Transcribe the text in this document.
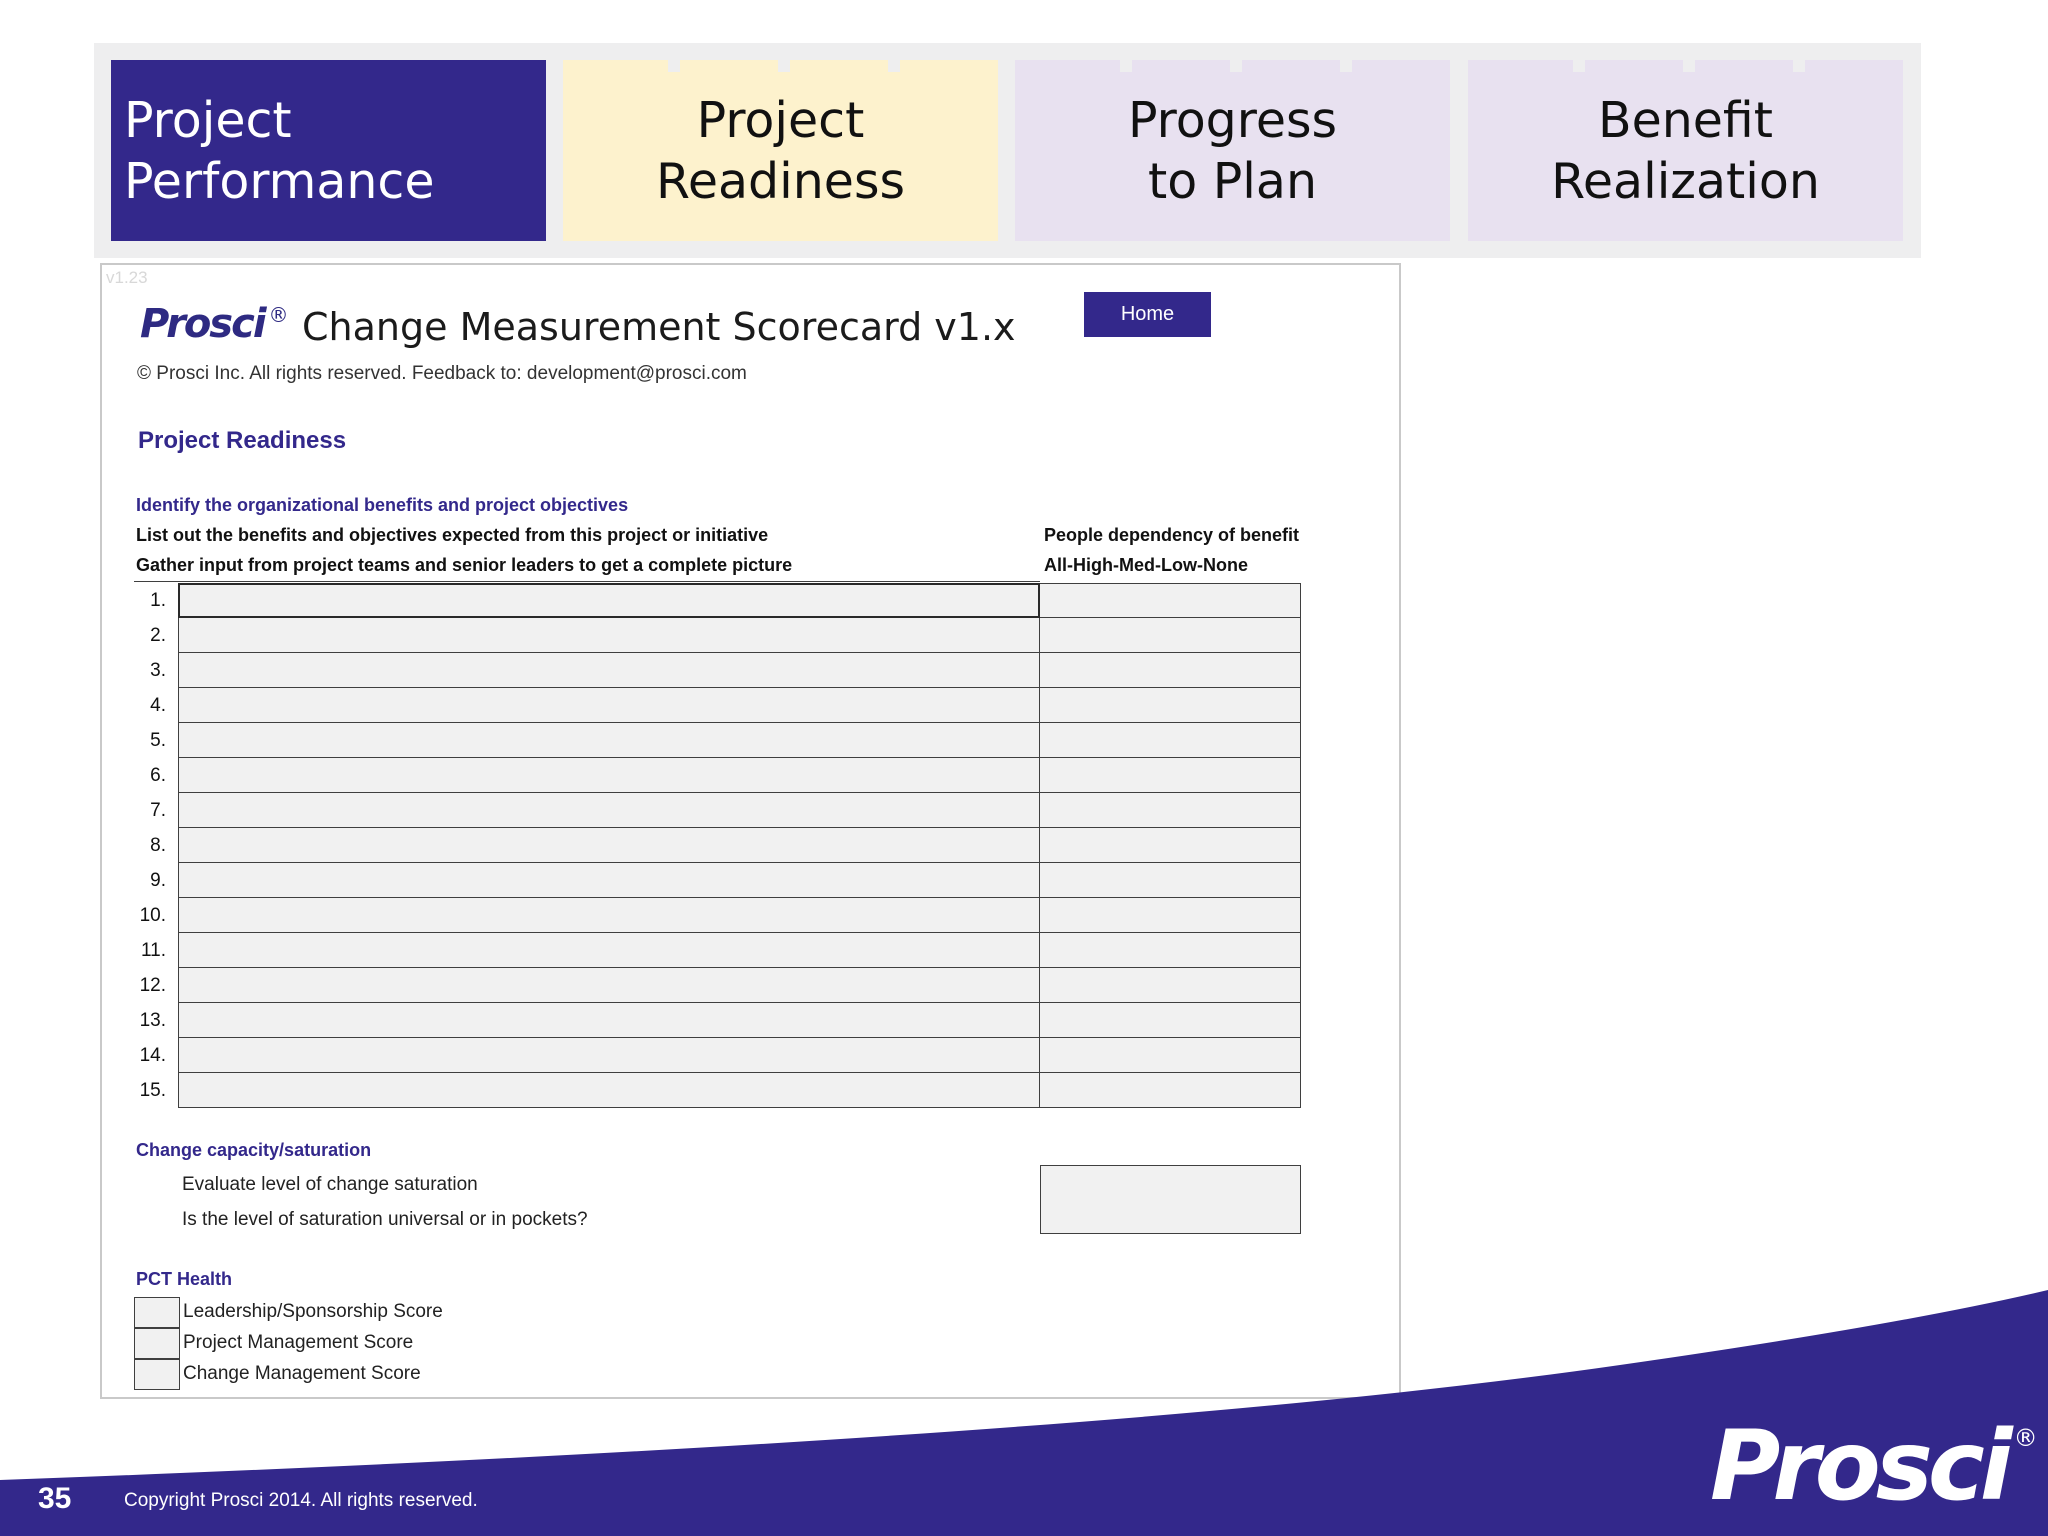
Project
Performance
Project
Readiness
Progress
to Plan
Benefit
Realization
v1.23
Prosci ® Change Measurement Scorecard v1.x	Home
© Prosci Inc. All rights reserved. Feedback to: development@prosci.com
Project Readiness
Identify the organizational benefits and project objectives
List out the benefits and objectives expected from this project or initiative
Gather input from project teams and senior leaders to get a complete picture
People dependency of benefit
All-High-Med-Low-None
1.
2.
3.
4.
5.
6.
7.
8.
9.
10.
11.
12.
13.
14.
15.
Change capacity/saturation
Evaluate level of change saturation
Is the level of saturation universal or in pockets?
PCT Health
Leadership/Sponsorship Score
Project Management Score
Change Management Score
35	Copyright Prosci 2014. All rights reserved.	Prosci ®
